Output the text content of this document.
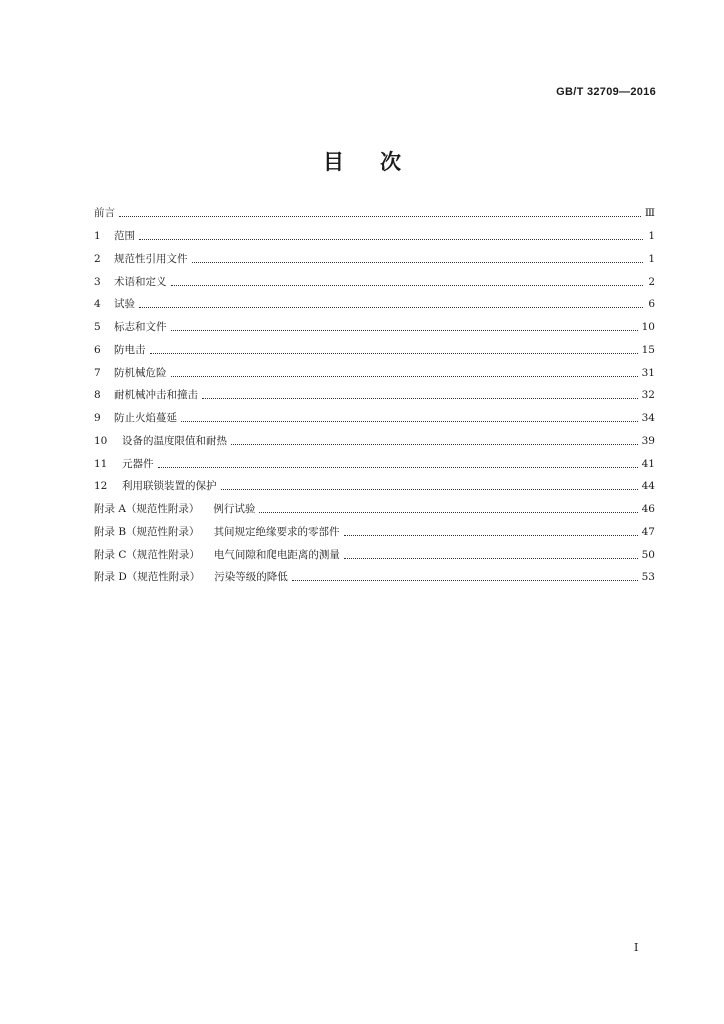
GB/T 32709—2016
目 次
前言	Ⅲ
1	范围	1
2	规范性引用文件	1
3	术语和定义	2
4	试验	6
5	标志和文件	10
6	防电击	15
7	防机械危险	31
8	耐机械冲击和撞击	32
9	防止火焰蔓延	34
10	设备的温度限值和耐热	39
11	元器件	41
12	利用联锁装置的保护	44
附录 A（规范性附录） 例行试验	46
附录 B（规范性附录） 其间规定绝缘要求的零部件	47
附录 C（规范性附录） 电气间隙和爬电距离的测量	50
附录 D（规范性附录） 污染等级的降低	53
I
